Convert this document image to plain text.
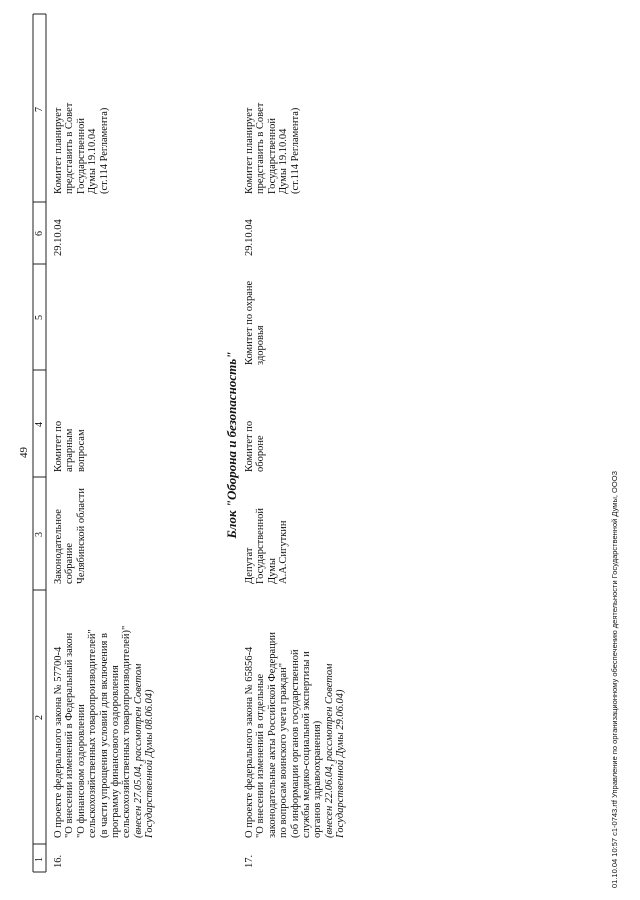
49
1
2
3
4
5
6
7
16.
О проекте федерального закона № 57700-4 "О внесении изменений в Федеральный закон "О финансовом оздоровлении сельскохозяйственных товаропроизводителей" (в части упрощения условий для включения в программу финансового оздоровления сельскохозяйственных товаропроизводителей)" (внесен 27.05.04, рассмотрен Советом Государственной Думы 08.06.04)
Законодательное собрание Челябинской области
Комитет по аграрным вопросам
29.10.04
Комитет планирует представить в Совет Государственной Думы 19.10.04 (ст.114 Регламента)
Блок "Оборона и безопасность"
17.
О проекте федерального закона № 65856-4 "О внесении изменений в отдельные законодательные акты Российской Федерации по вопросам воинского учета граждан" (об информации органов государственной службы медико-социальной экспертизы и органов здравоохранения) (внесен 22.06.04, рассмотрен Советом Государственной Думы 29.06.04)
Депутат Государственной Думы А.А.Сигуткин
Комитет по обороне
Комитет по охране здоровья
29.10.04
Комитет планирует представить в Совет Государственной Думы 19.10.04 (ст.114 Регламента)
01.10.04 10:57 c1-0743.rtf Управление по организационному обеспечению деятельности Государственной Думы, ОООЗ
